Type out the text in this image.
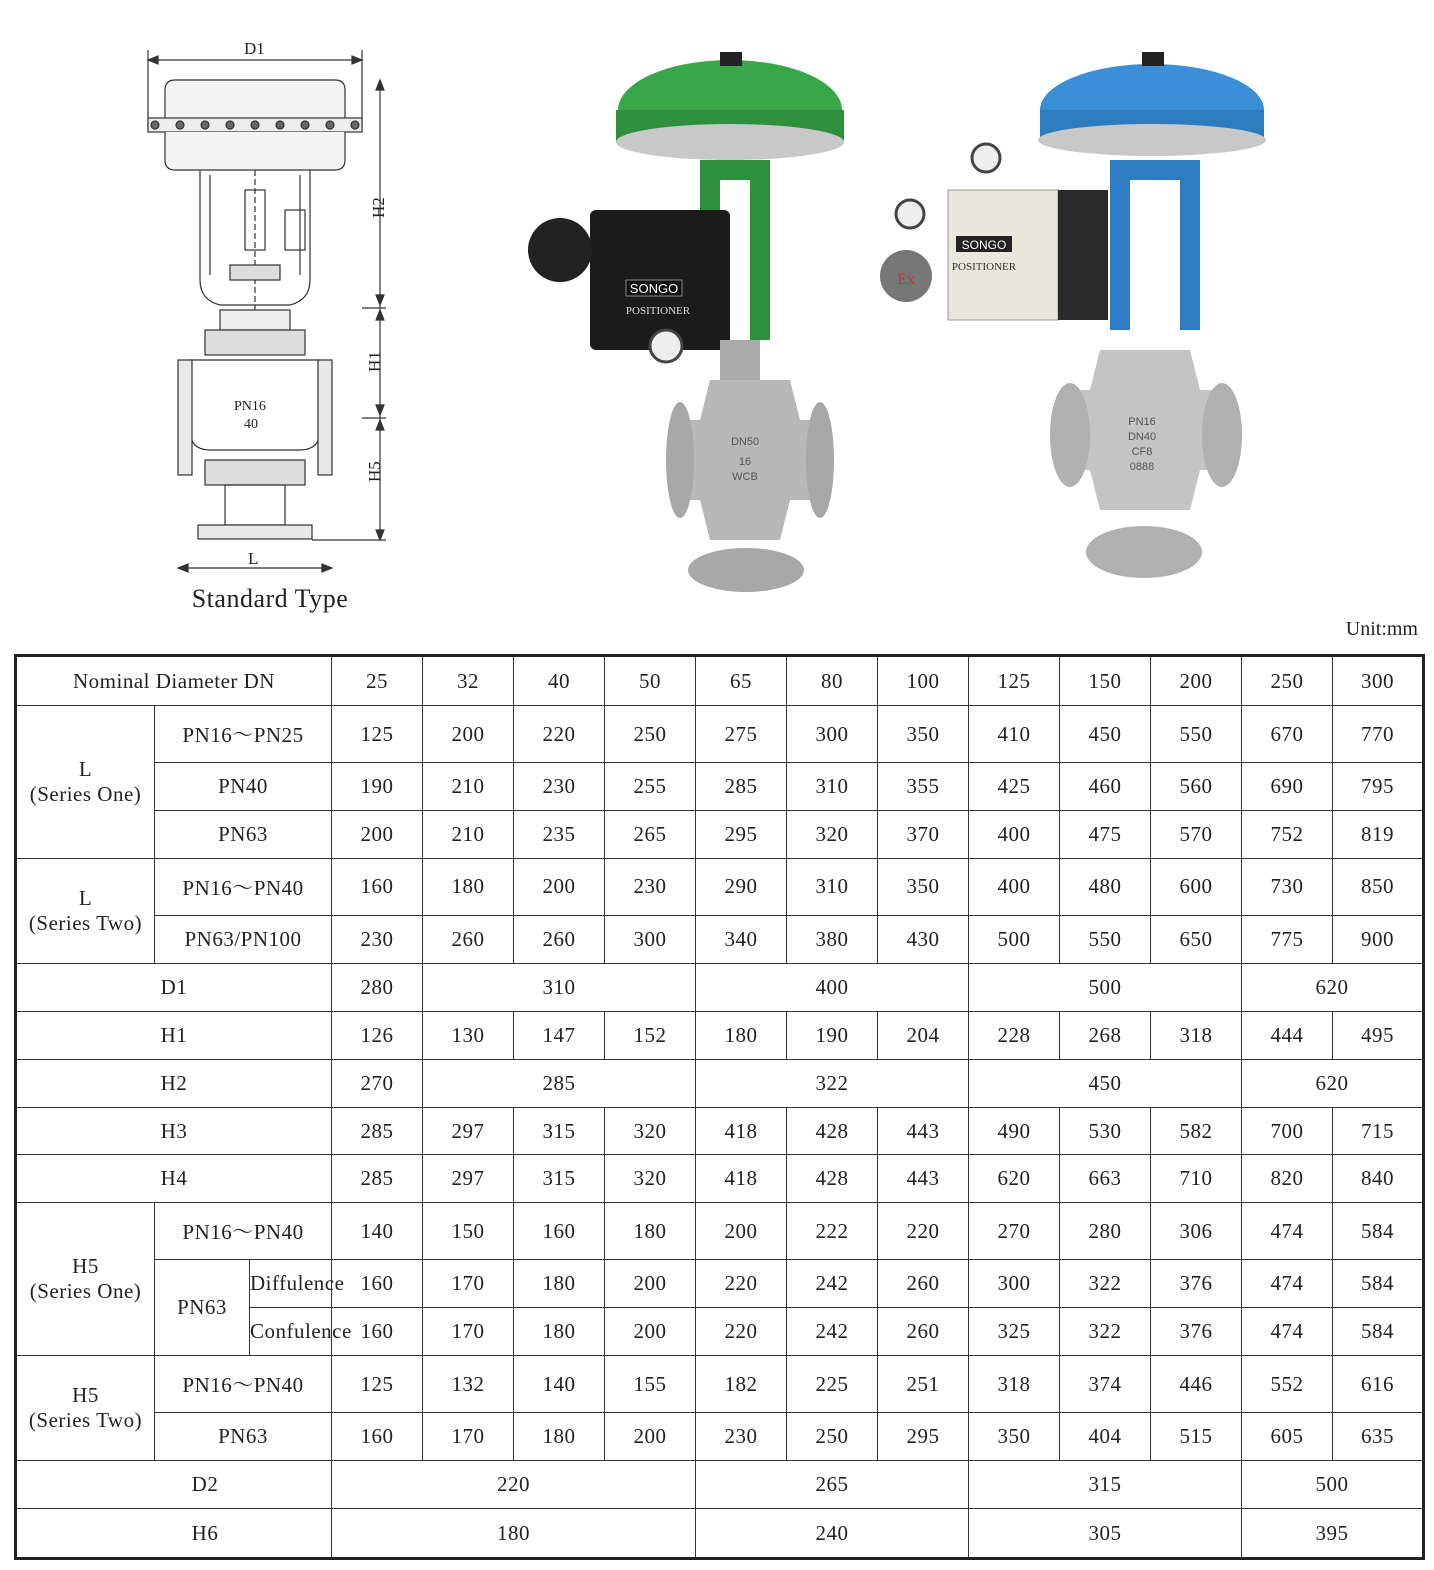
D1
H2
H1
H5
L
PN16
40
Standard Type
SONGO
POSITIONER
DN50
16
WCB
Ex
SONGO
POSITIONER
PN16
DN40
CF8
0888
Unit:mm
Nominal Diameter DN			25	32	40	50	65	80	100	125	150	200	250	300
L
(Series One)	PN16～PN25		125	200	220	250	275	300	350	410	450	550	670	770
	PN40		190	210	230	255	285	310	355	425	460	560	690	795
	PN63		200	210	235	265	295	320	370	400	475	570	752	819
L
(Series Two)	PN16～PN40		160	180	200	230	290	310	350	400	480	600	730	850
	PN63/PN100		230	260	260	300	340	380	430	500	550	650	775	900
D1			280	310			400			500			620	
H1			126	130	147	152	180	190	204	228	268	318	444	495
H2			270	285			322			450			620	
H3			285	297	315	320	418	428	443	490	530	582	700	715
H4			285	297	315	320	418	428	443	620	663	710	820	840
H5
(Series One)	PN16～PN40		140	150	160	180	200	222	220	270	280	306	474	584
	PN63	Diffulence	160	170	180	200	220	242	260	300	322	376	474	584
		Confulence	160	170	180	200	220	242	260	325	322	376	474	584
H5
(Series Two)	PN16～PN40		125	132	140	155	182	225	251	318	374	446	552	616
	PN63		160	170	180	200	230	250	295	350	404	515	605	635
D2			220				265			315			500	
H6			180				240			305			395	
